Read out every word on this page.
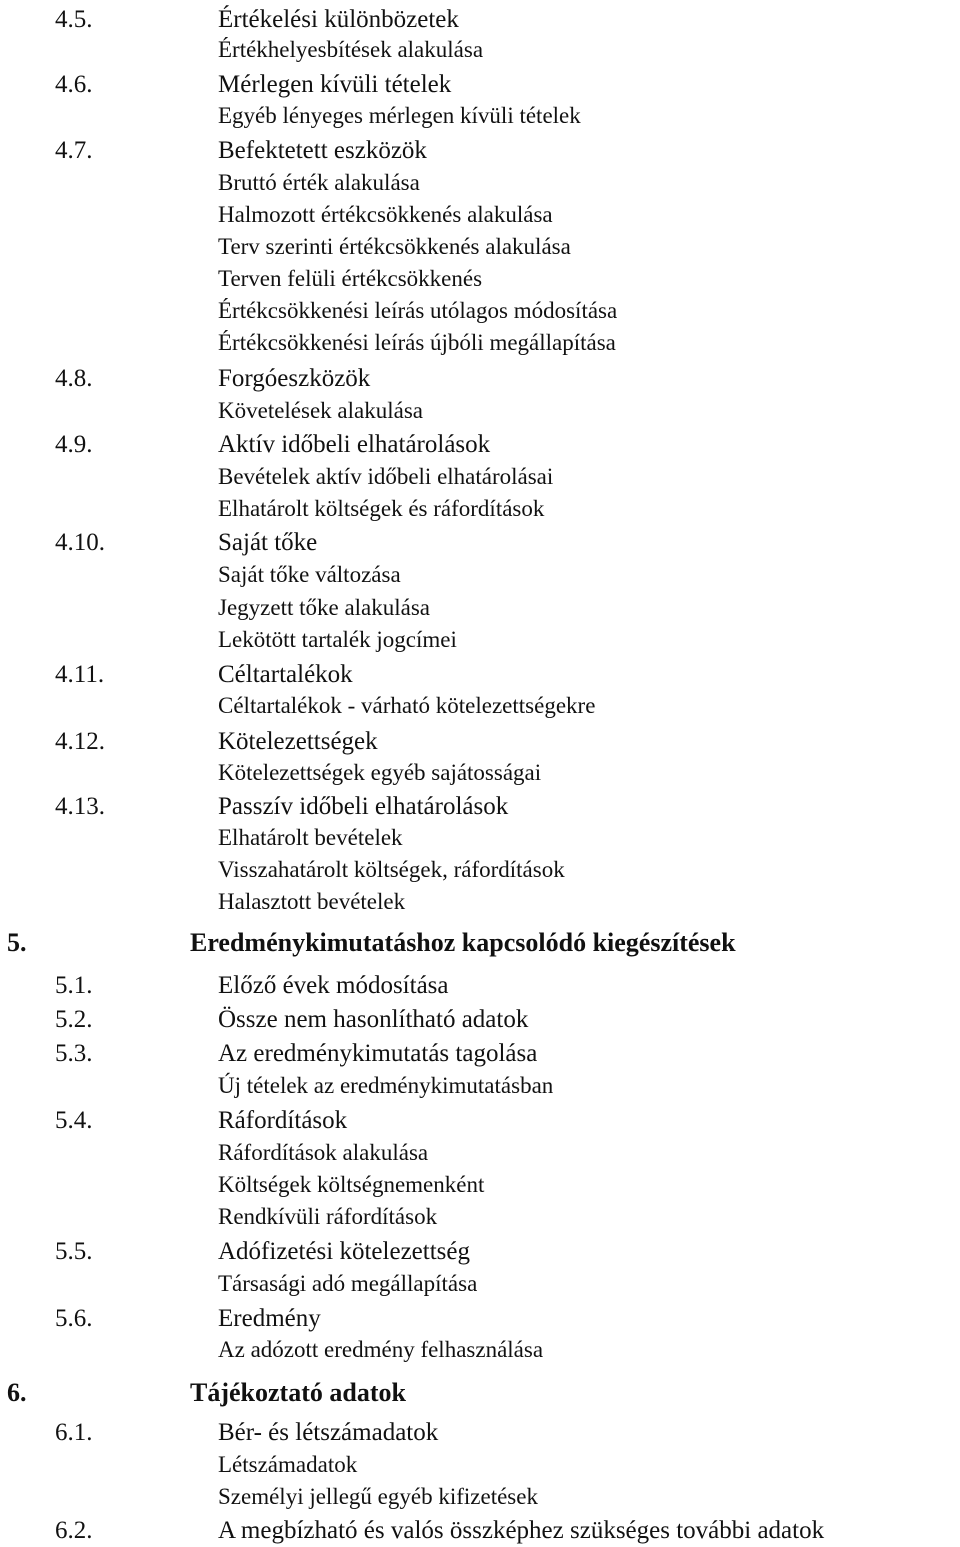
4.5.	Értékelési különbözetek
Értékhelyesbítések alakulása
4.6.	Mérlegen kívüli tételek
Egyéb lényeges mérlegen kívüli tételek
4.7.	Befektetett eszközök
Bruttó érték alakulása
Halmozott értékcsökkenés alakulása
Terv szerinti értékcsökkenés alakulása
Terven felüli értékcsökkenés
Értékcsökkenési leírás utólagos módosítása
Értékcsökkenési leírás újbóli megállapítása
4.8.	Forgóeszközök
Követelések alakulása
4.9.	Aktív időbeli elhatárolások
Bevételek aktív időbeli elhatárolásai
Elhatárolt költségek és ráfordítások
4.10.	Saját tőke
Saját tőke változása
Jegyzett tőke alakulása
Lekötött tartalék jogcímei
4.11.	Céltartalékok
Céltartalékok - várható kötelezettségekre
4.12.	Kötelezettségek
Kötelezettségek egyéb sajátosságai
4.13.	Passzív időbeli elhatárolások
Elhatárolt bevételek
Visszahatárolt költségek, ráfordítások
Halasztott bevételek
5.	Eredménykimutatáshoz kapcsolódó kiegészítések
5.1.	Előző évek módosítása
5.2.	Össze nem hasonlítható adatok
5.3.	Az eredménykimutatás tagolása
Új tételek az eredménykimutatásban
5.4.	Ráfordítások
Ráfordítások alakulása
Költségek költségnemenként
Rendkívüli ráfordítások
5.5.	Adófizetési kötelezettség
Társasági adó megállapítása
5.6.	Eredmény
Az adózott eredmény felhasználása
6.	Tájékoztató adatok
6.1.	Bér- és létszámadatok
Létszámadatok
Személyi jellegű egyéb kifizetések
6.2.	A megbízható és valós összképhez szükséges további adatok
